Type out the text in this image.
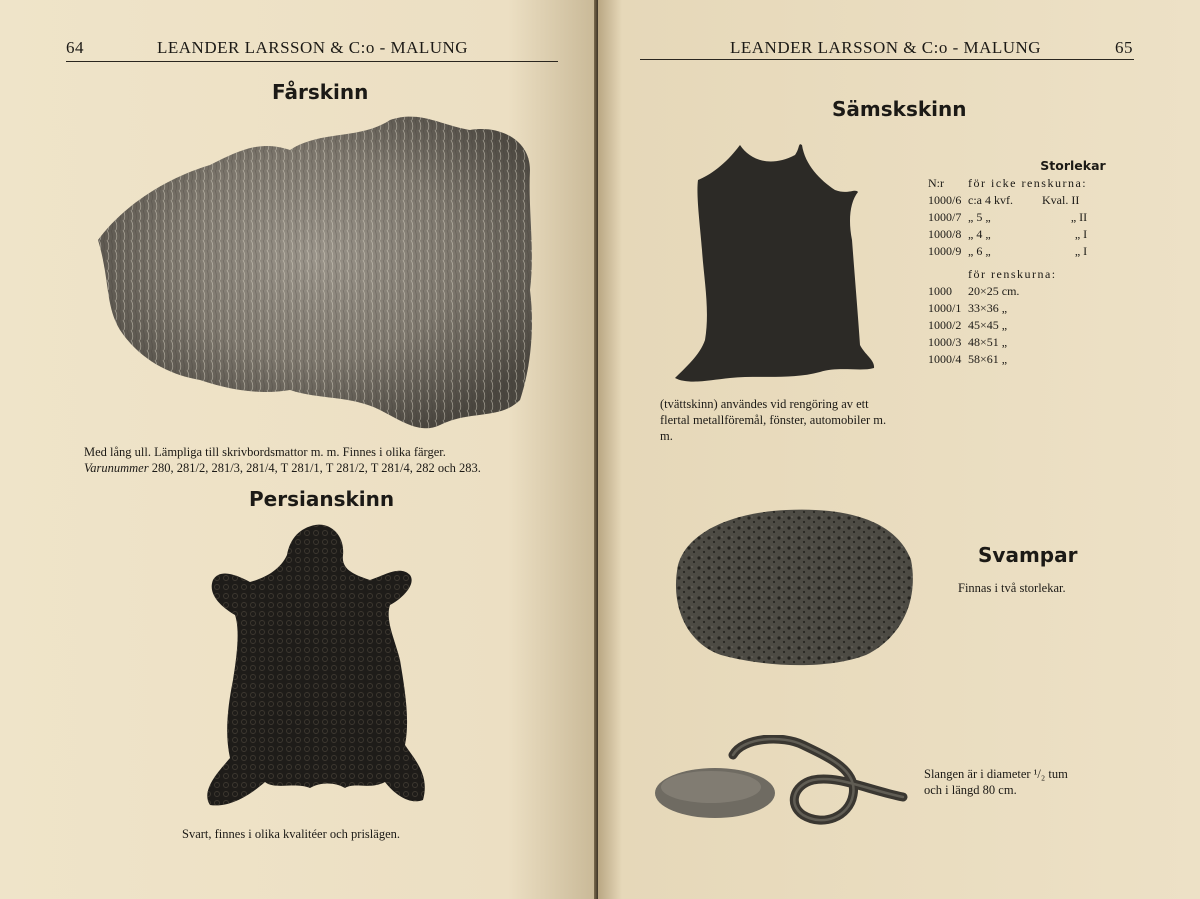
64	LEANDER LARSSON & C:o - MALUNG
Fårskinn
Med lång ull. Lämpliga till skrivbordsmattor m. m. Finnes i olika färger.
Varunummer 280, 281/2, 281/3, 281/4, T 281/1, T 281/2, T 281/4, 282 och 283.
Persianskinn
Svart, finnes i olika kvalitéer och prislägen.
LEANDER LARSSON & C:o - MALUNG	65
Sämskskinn
(tvättskinn) användes vid rengöring av ett flertal metallföremål, fönster, automobiler m. m.
Storlekar
N:r	för icke renskurna:	
1000/6	c:a 4 kvf.	Kval. II
1000/7	„ 5 „	„ II
1000/8	„ 4 „	„ I
1000/9	„ 6 „	„ I
	för renskurna:	
1000	20×25 cm.	
1000/1	33×36 „	
1000/2	45×45 „	
1000/3	48×51 „	
1000/4	58×61 „	
Svampar
Finnas i två storlekar.
Slangen är i diameter ¹/₂ tum
och i längd 80 cm.
